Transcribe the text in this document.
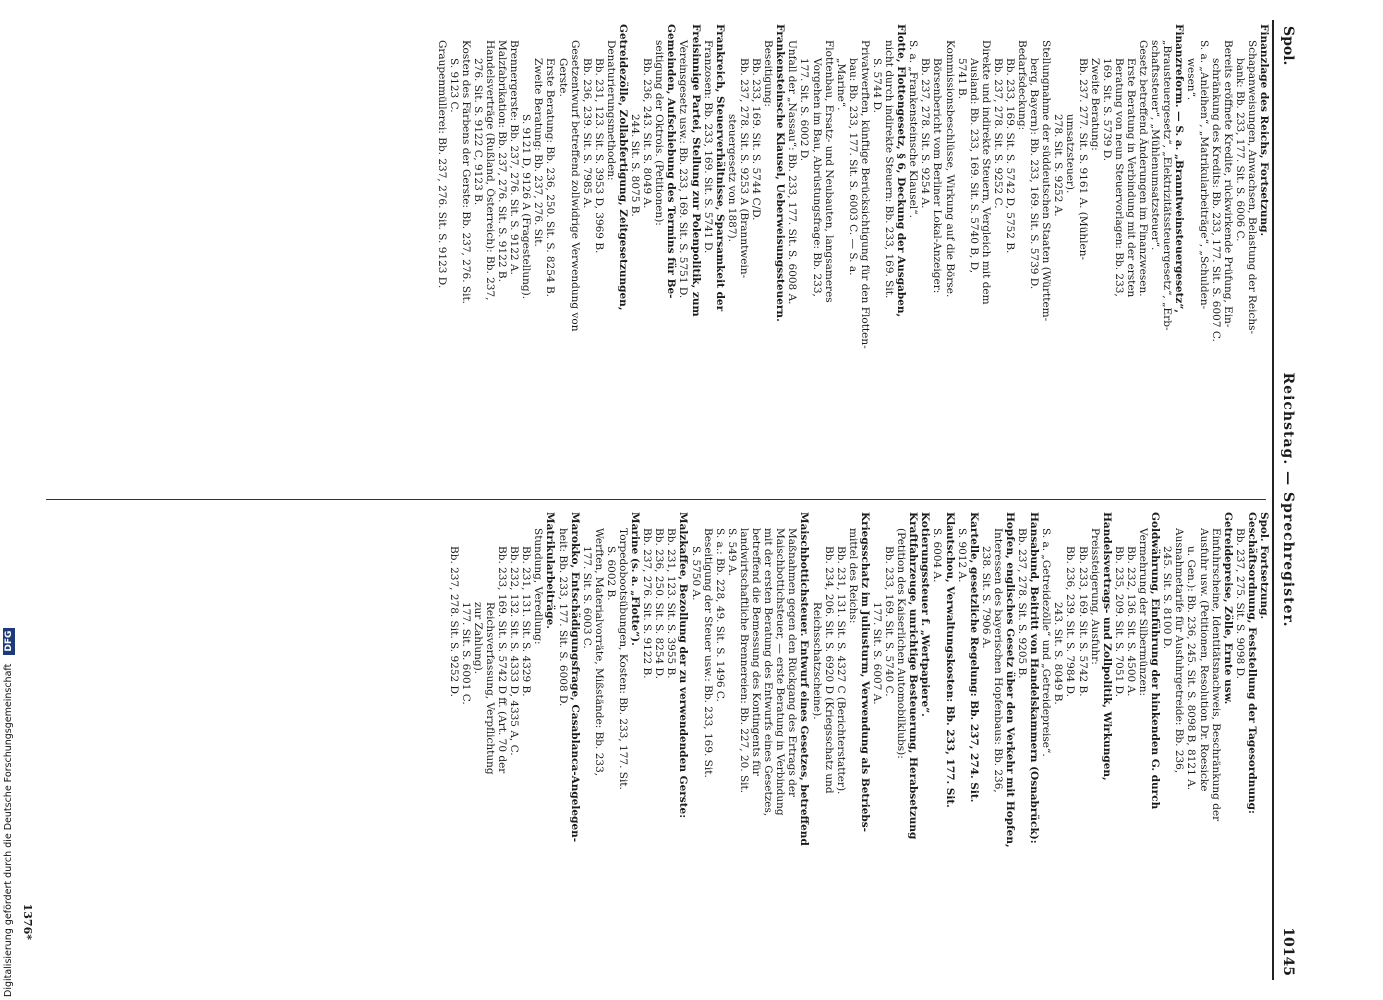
Spol.
Reichstag. — Sprechregister.
10145
Finanzlage des Reichs, Fortsetzung.
Schapanweisungen, Anwachsen, Belastung der Reichs-
bank: Bb. 233, 177. Sit. S. 6006 C.
Bereits eröffnete Kredite, rückwirkende Prüfung, Ein-
schränkung des Kredits: Bb. 233, 177. Sit. S. 6007 C.
S. a. „Anleihen“, „Matrikularbeiträge“, „Schulden-
wesen“.
Finanzreform. — S. a. „Branntweinsteuergesetz“,
„Brausteuergesetz“, „Elektrizitätssteuergesetz“, „Erb-
schaftssteuer“, „Mühlenumsatzsteuer“.
Gesetz betreffend Änderungen im Finanzwesen.
Erste Beratung in Verbindung mit der ersten
Beratung von neun Steuervorlagen: Bb. 233,
169. Sit. S. 5739 D.
Zweite Beratung:
Bb. 237. 277. Sit. S. 9161 A. (Mühlen-
umsatzsteuer).
278. Sit. S. 9252 A.
Stellungnahme der süddeutschen Staaten (Württem-
berg, Bayern): Bb. 233, 169. Sit. S. 5739 D.
Bedarfsdeckung:
Bb. 233, 169. Sit. S. 5742 D, 5752 B.
Bb. 237, 278. Sit. S. 9252 C.
Direkte und indirekte Steuern, Vergleich mit dem
Ausland: Bb. 233, 169. Sit. S. 5740 B, D,
5741 B.
Kommissionsbeschlüsse, Wirkung auf die Börse.
Börsenbericht vom Berliner Lokal-Anzeiger:
Bb. 237, 278. Sit. S. 9254 A.
S. a. „Frankensteinsche Klausel“.
Flotte, Flottengesetz, § 6, Deckung der Ausgaben,
nicht durch indirekte Steuern: Bb. 233, 169. Sit.
S. 5744 D.
Privatwerften, künftige Berücksichtigung für den Flotten-
bau: Bb. 233, 177. Sit. S. 6003 C. — S. a.
„Marine“.
Flottenbau, Ersatz- und Neubauten, langsameres
Vorgehen im Bau, Abrüstungsfrage: Bb. 233,
177. Sit. S. 6002 D.
Unfall der „Nassau“: Bb. 233, 177. Sit. S. 6008 A.
Frankensteinsche Klausel, Ueberweisungssteuern.
Beseitigung:
Bb. 233, 169. Sit. S. 5744 C/D.
Bb. 237, 278. Sit. S. 9253 A (Branntwein-
steuergesetz von 1887).
Frankreich, Steuerverhältnisse, Sparsamkeit der
Franzosen: Bb. 233, 169. Sit. S. 5741 D.
Freisinnige Partei, Stellung zur Polenpolitik, zum
Vereinsgesetz usw.: Bb. 233, 169. Sit. S. 5751 D.
Gemeinden, Aufschiebung des Termins für Be-
seitigung der Oktrois. (Petitionen):
Bb. 236, 243. Sit. S. 8049 A.
244. Sit. S. 8075 B.
Getreidezölle, Zollabfertigung, Zeitgesetzungen,
Denaturierungsmethoden:
Bb. 231, 123. Sit. S. 3953 D, 3969 B.
Bb. 236, 239. Sit. S. 7985 A.
Gesetzentwurf betreffend zollwidrige Verwendung von
Gerste.
Erste Beratung: Bb. 236, 250. Sit. S. 8254 B.
Zweite Beratung: Bb. 237, 276. Sit.
S. 9121 D, 9126 A (Fragestellung).
Brennergerste: Bb. 237, 276. Sit. S. 9122 A.
Malzfabrikation: Bb. 237, 276. Sit. S. 9122 B.
Handelsverträge (Rußland, Österreich): Bb. 237,
276. Sit. S. 9122 C, 9123 B.
Kosten des Färbens der Gerste: Bb. 237, 276. Sit.
S. 9123 C.
Graupenmüllerei: Bb. 237, 276. Sit. S. 9123 D.
Spol. Fortsetzung.
Geschäftsordnung, Feststellung der Tagesordnung:
Bb. 237, 275. Sit. S. 9098 D.
Getreidepreise, Zölle, Ernte usw.
Einfuhrscheine, Identitätsnachweis, Beschränkung der
Ausfuhr usw. (Petitionen, Resolution Dr. Roesicke
u. Gen.): Bb. 236, 245. Sit. S. 8098 B, 8121 A.
Ausnahmetarife für Ausfuhrgetreide: Bb. 236,
245. Sit. S. 8100 D.
Goldwährung, Einführung der hinkenden G. durch
Vermehrung der Silbermünzen:
Bb. 232, 136. Sit. S. 4500 A.
Bb. 235, 209. Sit. S. 7051 D.
Handelsvertrags- und Zollpolitik, Wirkungen,
Preissteigerung, Ausfuhr:
Bb. 233, 169. Sit. S. 5742 B.
Bb. 236, 239. Sit. S. 7984 D.
243. Sit. S. 8049 B.
S. a. „Getreidezölle“ und „Getreidepreise“.
Hansabund, Beitritt von Handelskammern (Osnabrück):
Bb. 237, 278. Sit. S. 9205 B.
Hopfen, englisches Gesetz über den Verkehr mit Hopfen,
Interessen des bayerischen Hopfenbaus: Bb. 236,
238. Sit. S. 7906 A.
Kartelle, gesetzliche Regelung: Bb. 237, 274. Sit.
S. 9012 A.
Klautschou, Verwaltungskosten: Bb. 233, 177. Sit.
S. 6004 A.
Kotierungssteuer f. „Wertpapiere“.
Kraftfahrzeuge, unrichtige Besteuerung, Herabsetzung
(Petition des Kaiserlichen Automobilklubs):
Bb. 233, 169. Sit. S. 5740 C.
177. Sit. S. 6007 A.
Kriegsschatz im Juliusturm, Verwendung als Betriebs-
mittel des Reichs:
Bb. 231, 131. Sit. S. 4327 C (Berichterstatter).
Bb. 234, 206. Sit. S. 6920 D (Kriegsschatz und
Reichsschatzscheine).
Maischbottichsteuer. Entwurf eines Gesetzes, betreffend
Maßnahmen gegen den Rückgang des Ertrags der
Maischbottichsteuer, — erste Beratung in Verbindung
mit der ersten Beratung des Entwurfs eines Gesetzes,
betreffend die Bemessung des Kontingents für
landwirtschaftliche Brennereien: Bb. 227, 20. Sit.
S. 549 A.
S. a.: Bb. 228, 49. Sit. S. 1496 C.
Beseitigung der Steuer usw.: Bb. 233, 169. Sit.
S. 5750 A.
Malzkaffee, Bezollung der zu verwendenden Gerste:
Bb. 231, 123. Sit. S. 3955 B.
Bb. 236, 250. Sit. S. 8254 D.
Bb. 237, 276. Sit. S. 9122 B.
Marine (s. a. „Flotte“).
Torpedobootsübungen, Kosten: Bb. 233, 177. Sit.
S. 6002 B.
Werften, Materialvorräte, Mißstände: Bb. 233,
177. Sit. S. 6003 C.
Marokko, Entschädigungsfrage, Casablanca-Angelegen-
heit: Bb. 233, 177. Sit. S. 6008 D.
Matrikularbeiträge.
Stundung, Veredlung:
Bb. 231, 131. Sit. S. 4329 B.
Bb. 232, 132. Sit. S. 4333 D, 4335 A, C.
Bb. 233, 169. Sit. S. 5742 D ff. (Art. 70 der
Reichsverfassung, Verpflichtung
zur Zahlung).
177. Sit. S. 6001 C.
Bb. 237, 278. Sit. S. 9252 D.
1376*
Digitalisierung gefördert durch die Deutsche Forschungsgemeinschaft DFG
